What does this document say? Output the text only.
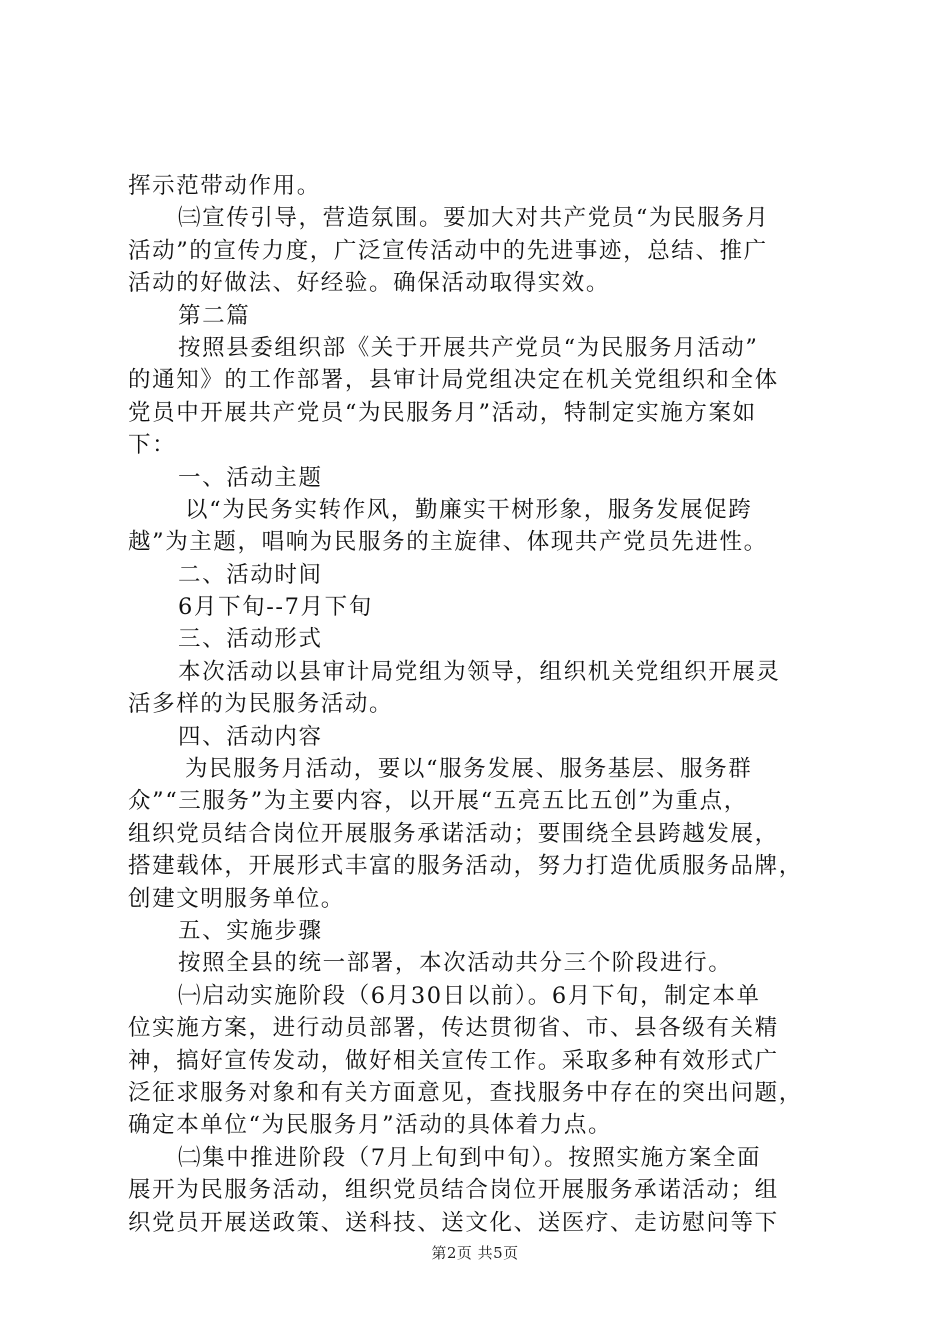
挥示范带动作用。
㈢宣传引导，营造氛围。要加大对共产党员“为民服务月
活动”的宣传力度，广泛宣传活动中的先进事迹，总结、推广
活动的好做法、好经验。确保活动取得实效。
第二篇
按照县委组织部《关于开展共产党员“为民服务月活动”
的通知》的工作部署，县审计局党组决定在机关党组织和全体
党员中开展共产党员“为民服务月”活动，特制定实施方案如
下：
一、活动主题
以“为民务实转作风，勤廉实干树形象，服务发展促跨
越”为主题，唱响为民服务的主旋律、体现共产党员先进性。
二、活动时间
6月下旬--7月下旬
三、活动形式
本次活动以县审计局党组为领导，组织机关党组织开展灵
活多样的为民服务活动。
四、活动内容
为民服务月活动，要以“服务发展、服务基层、服务群
众”“三服务”为主要内容，以开展“五亮五比五创”为重点，
组织党员结合岗位开展服务承诺活动；要围绕全县跨越发展，
搭建载体，开展形式丰富的服务活动，努力打造优质服务品牌，
创建文明服务单位。
五、实施步骤
按照全县的统一部署，本次活动共分三个阶段进行。
㈠启动实施阶段（6月30日以前）。6月下旬，制定本单
位实施方案，进行动员部署，传达贯彻省、市、县各级有关精
神，搞好宣传发动，做好相关宣传工作。采取多种有效形式广
泛征求服务对象和有关方面意见，查找服务中存在的突出问题，
确定本单位“为民服务月”活动的具体着力点。
㈡集中推进阶段（7月上旬到中旬）。按照实施方案全面
展开为民服务活动，组织党员结合岗位开展服务承诺活动；组
织党员开展送政策、送科技、送文化、送医疗、走访慰问等下
第2页 共5页
